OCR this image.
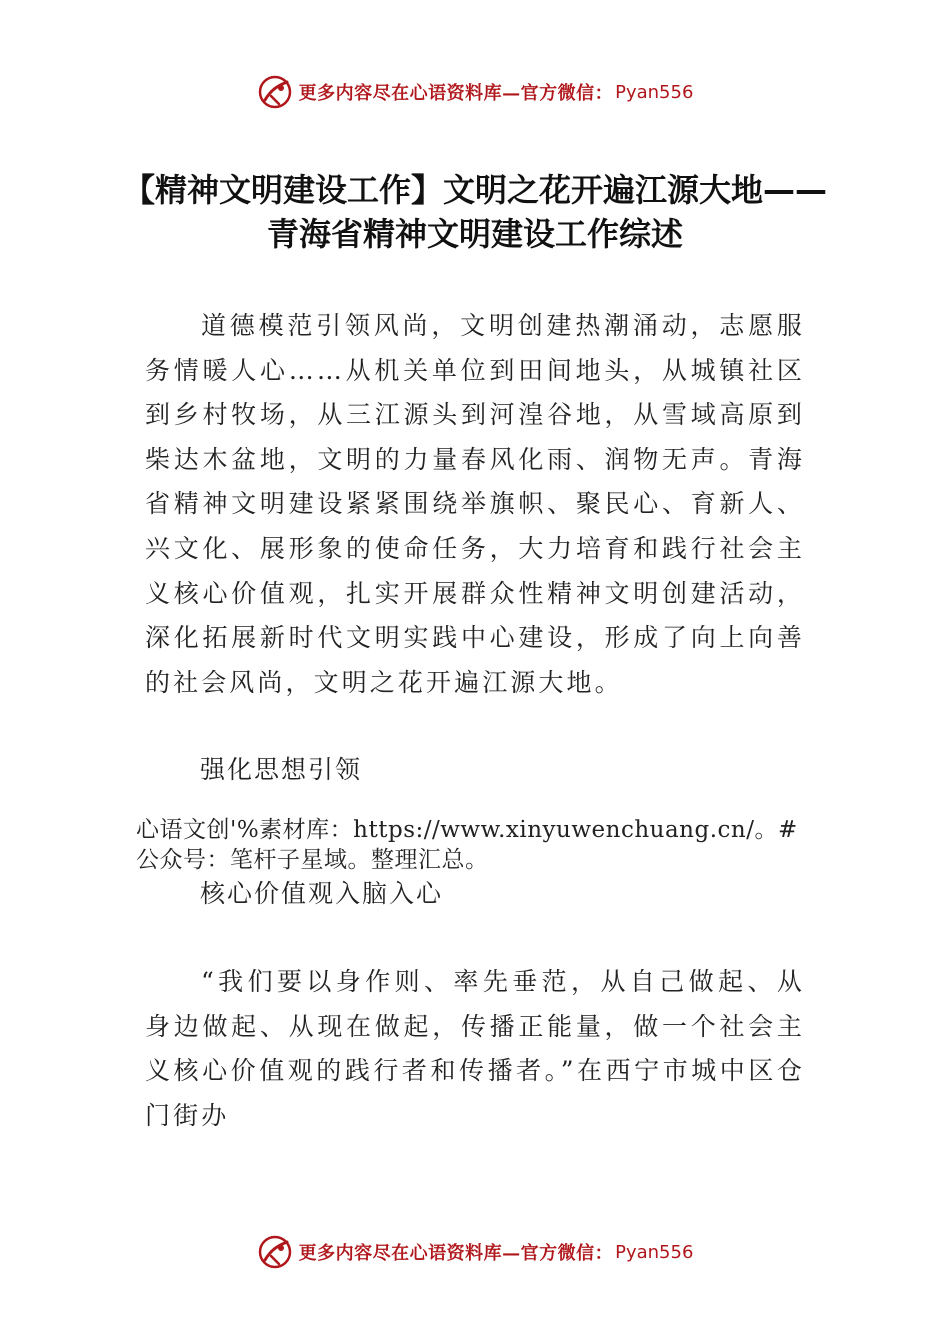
更多内容尽在心语资料库—官方微信： Pyan556
【精神文明建设工作】文明之花开遍江源大地——青海省精神文明建设工作综述
道德模范引领风尚，文明创建热潮涌动，志愿服务情暖人心……从机关单位到田间地头，从城镇社区到乡村牧场，从三江源头到河湟谷地，从雪域高原到柴达木盆地，文明的力量春风化雨、润物无声。青海省精神文明建设紧紧围绕举旗帜、聚民心、育新人、兴文化、展形象的使命任务，大力培育和践行社会主义核心价值观，扎实开展群众性精神文明创建活动，深化拓展新时代文明实践中心建设，形成了向上向善的社会风尚，文明之花开遍江源大地。
强化思想引领
心语文创'%素材库：https://www.xinyuwenchuang.cn/。#
公众号：笔杆子星域。整理汇总。
核心价值观入脑入心
“我们要以身作则、率先垂范，从自己做起、从身边做起、从现在做起，传播正能量，做一个社会主义核心价值观的践行者和传播者。”在西宁市城中区仓门街办
更多内容尽在心语资料库—官方微信： Pyan556
